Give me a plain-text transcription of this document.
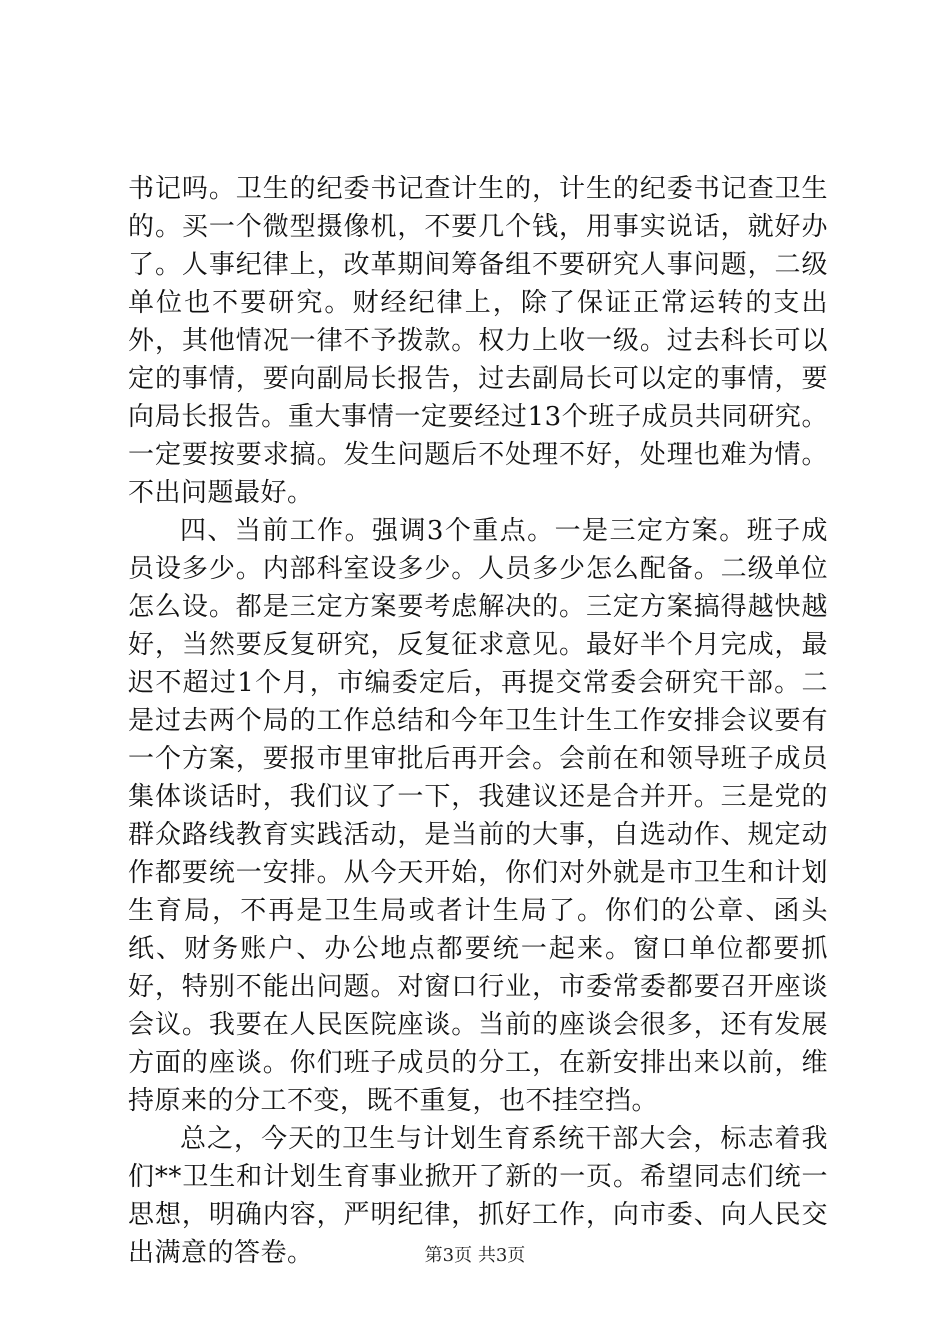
书记吗。卫生的纪委书记查计生的，计生的纪委书记查卫生的。买一个微型摄像机，不要几个钱，用事实说话，就好办了。人事纪律上，改革期间筹备组不要研究人事问题，二级单位也不要研究。财经纪律上，除了保证正常运转的支出外，其他情况一律不予拨款。权力上收一级。过去科长可以定的事情，要向副局长报告，过去副局长可以定的事情，要向局长报告。重大事情一定要经过13个班子成员共同研究。一定要按要求搞。发生问题后不处理不好，处理也难为情。不出问题最好。

四、当前工作。强调3个重点。一是三定方案。班子成员设多少。内部科室设多少。人员多少怎么配备。二级单位怎么设。都是三定方案要考虑解决的。三定方案搞得越快越好，当然要反复研究，反复征求意见。最好半个月完成，最迟不超过1个月，市编委定后，再提交常委会研究干部。二是过去两个局的工作总结和今年卫生计生工作安排会议要有一个方案，要报市里审批后再开会。会前在和领导班子成员集体谈话时，我们议了一下，我建议还是合并开。三是党的群众路线教育实践活动，是当前的大事，自选动作、规定动作都要统一安排。从今天开始，你们对外就是市卫生和计划生育局，不再是卫生局或者计生局了。你们的公章、函头纸、财务账户、办公地点都要统一起来。窗口单位都要抓好，特别不能出问题。对窗口行业，市委常委都要召开座谈会议。我要在人民医院座谈。当前的座谈会很多，还有发展方面的座谈。你们班子成员的分工，在新安排出来以前，维持原来的分工不变，既不重复，也不挂空挡。

总之，今天的卫生与计划生育系统干部大会，标志着我们**卫生和计划生育事业掀开了新的一页。希望同志们统一思想，明确内容，严明纪律，抓好工作，向市委、向人民交出满意的答卷。	第3页 共3页
